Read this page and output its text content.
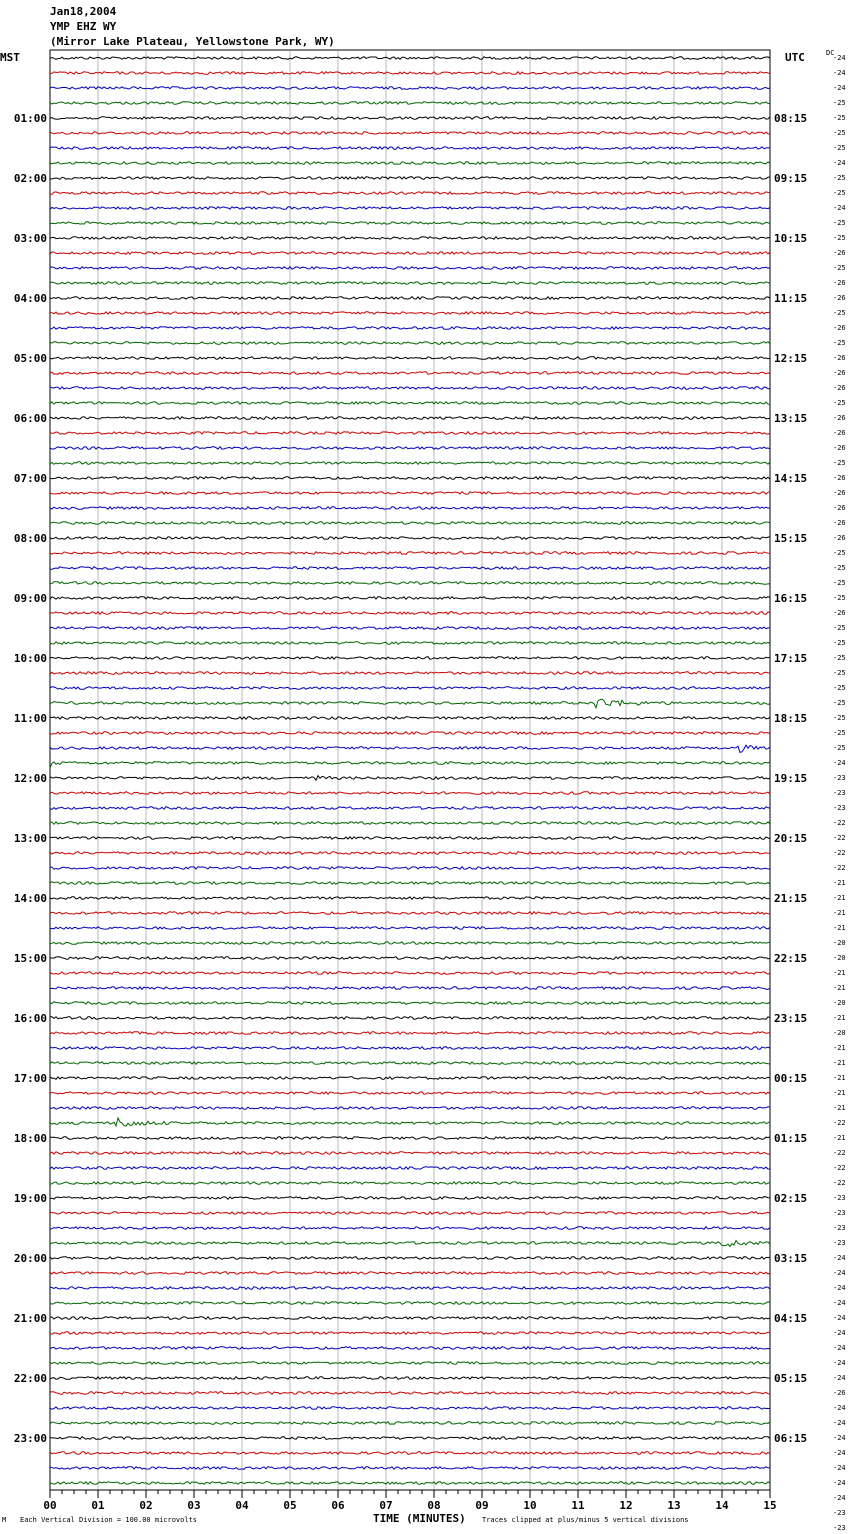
Jan18,2004
YMP EHZ WY
(Mirror Lake Plateau, Yellowstone Park, WY)
MST	UTC	DC
01:00
02:00
03:00
04:00
05:00
06:00
07:00
08:00
09:00
10:00
11:00
12:00
13:00
14:00
15:00
16:00
17:00
18:00
19:00
20:00
21:00
22:00
23:00
08:15
09:15
10:15
11:15
12:15
13:15
14:15
15:15
16:15
17:15
18:15
19:15
20:15
21:15
22:15
23:15
00:15
01:15
02:15
03:15
04:15
05:15
06:15
-24
-24
-24
-25
-25
-25
-25
-24
-25
-25
-24
-25
-25
-26
-25
-26
-26
-25
-26
-25
-26
-26
-26
-25
-26
-26
-26
-25
-26
-26
-26
-26
-26
-25
-25
-25
-25
-26
-25
-25
-25
-25
-25
-25
-25
-25
-25
-24
-23
-23
-23
-22
-22
-22
-22
-21
-21
-21
-21
-20
-20
-21
-21
-20
-21
-20
-21
-21
-21
-21
-21
-22
-21
-22
-22
-22
-23
-23
-23
-23
-24
-24
-24
-24
-24
-24
-24
-24
-24
-26
-24
-24
-24
-24
-24
-24
-24
-23
-23
00	01	02	03	04	05	06	07	08	09	10	11	12	13	14	15
M Each Vertical Division = 100.00 microvolts	TIME (MINUTES) Traces clipped at plus/minus 5 vertical divisions
